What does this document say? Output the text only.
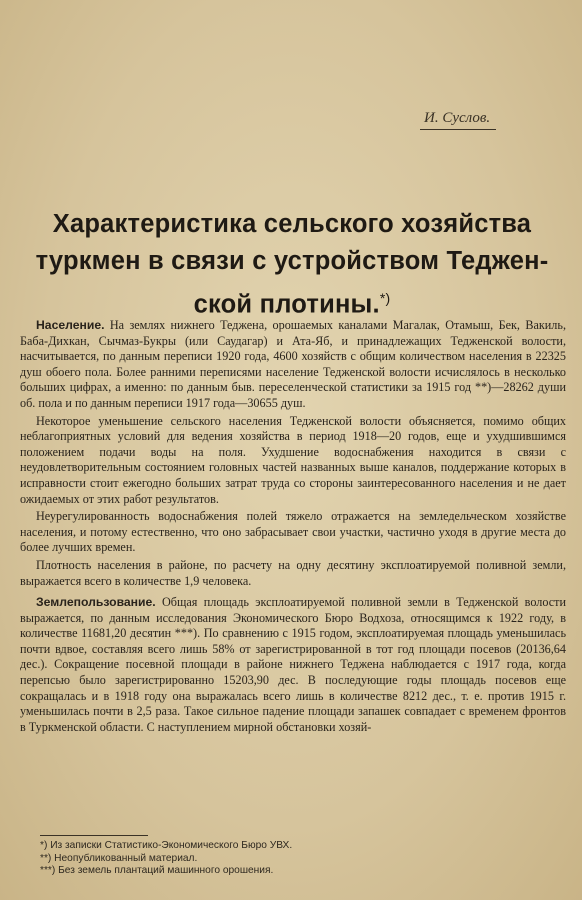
И. Суслов.
Характеристика сельского хозяйства туркмен в связи с устройством Теджен- ской плотины.*)

Население. На землях нижнего Теджена, орошаемых каналами Магалак, Отамыш, Бек, Вакиль, Баба-Дихкан, Сычмаз-Букры (или Саудагар) и Ата-Яб, и принадлежащих Теджeнской волости, насчитывается, по данным переписи 1920 года, 4600 хозяйств с общим количеством населения в 22325 душ обоего пола. Более ранними переписями население Теджeнской волости исчислялось в несколько больших цифрах, а именно: по данным быв. переселенческой статистики за 1915 год **)—28262 души об. пола и по данным переписи 1917 года—30655 душ.

Некоторое уменьшение сельского населения Теджeнской волости объясняется, помимо общих неблагоприятных условий для ведения хозяйства в период 1918—20 годов, еще и ухудшившимся положением подачи воды на поля. Ухудшение водоснабжения находится в связи с неудовлетворительным состоянием головных частей названных выше каналов, поддержание которых в исправности стоит ежегодно больших затрат труда со стороны заинтересованного населения и не дает ожидаемых от этих работ результатов.

Неурегулированность водоснабжения полей тяжело отражается на земледельческом хозяйстве населения, и потому естественно, что оно забрасывает свои участки, частично уходя в другие места до более лучших времен.

Плотность населения в районе, по расчету на одну десятину эксплоатируемой поливной земли, выражается всего в количестве 1,9 человека.

Землепользование. Общая площадь эксплоатируемой поливной земли в Теджeнской волости выражается, по данным исследования Экономического Бюро Водхоза, относящимся к 1922 году, в количестве 11681,20 десятин ***). По сравнению с 1915 годом, эксплоатируемая площадь уменьшилась почти вдвое, составляя всего лишь 58% от зарегистрированной в тот год площади посевов (20136,64 дес.). Сокращение посевной площади в районе нижнего Теджена наблюдается с 1917 года, когда перепсью было зарегистрированно 15203,90 дес. В последующие годы площадь посевов еще сокращалась и в 1918 году она выражалась всего лишь в количестве 8212 дес., т. е. против 1915 г. уменьшилась почти в 2,5 раза. Такое сильное падение площади запашек совпадает с временем фронтов в Туркменской области. С наступлением мирной обстановки хозяй-

*) Из записки Статистико-Экономического Бюро УВХ.
**) Неопубликованный материал.
***) Без земель плантаций машинного орошения.
